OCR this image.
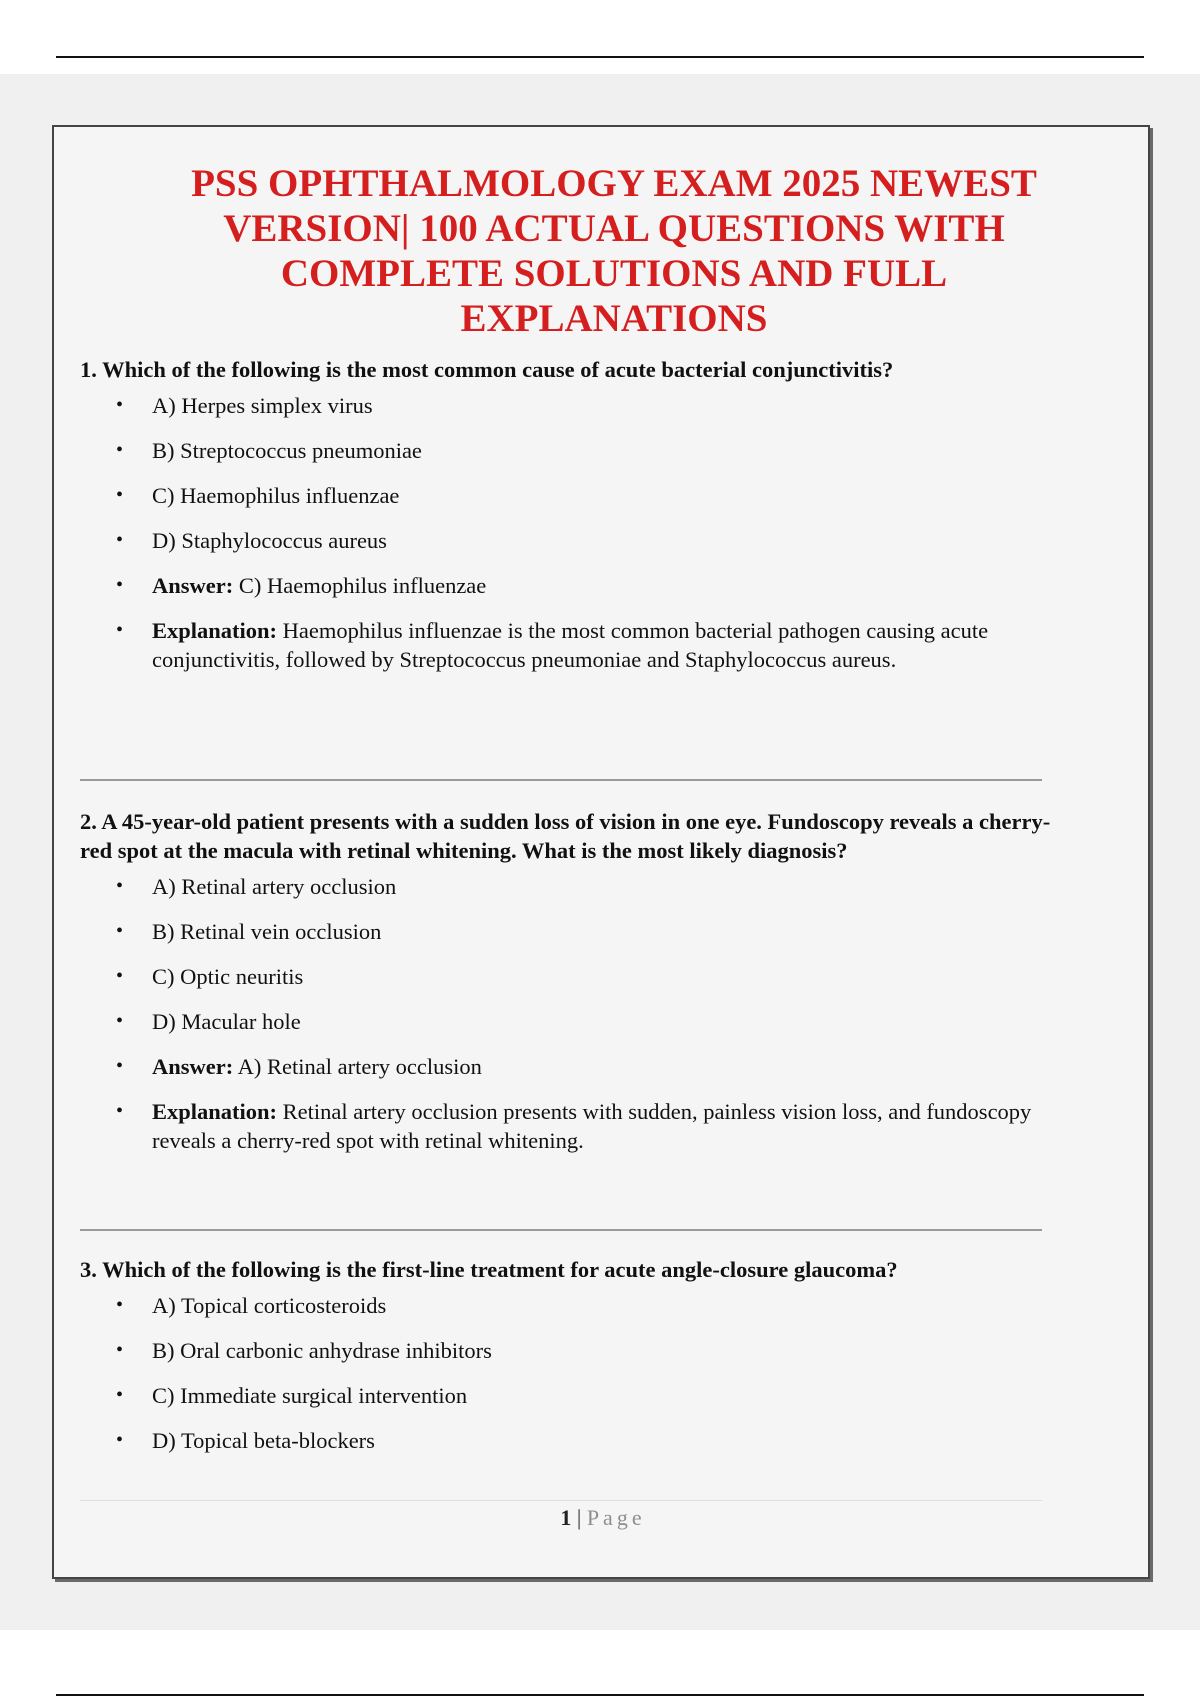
PSS OPHTHALMOLOGY EXAM 2025 NEWEST
VERSION| 100 ACTUAL QUESTIONS WITH
COMPLETE SOLUTIONS AND FULL
EXPLANATIONS

1. Which of the following is the most common cause of acute bacterial conjunctivitis?

• A) Herpes simplex virus
• B) Streptococcus pneumoniae
• C) Haemophilus influenzae
• D) Staphylococcus aureus
• Answer: C) Haemophilus influenzae
• Explanation: Haemophilus influenzae is the most common bacterial pathogen causing acute conjunctivitis, followed by Streptococcus pneumoniae and Staphylococcus aureus.

2. A 45-year-old patient presents with a sudden loss of vision in one eye. Fundoscopy reveals a cherry-red spot at the macula with retinal whitening. What is the most likely diagnosis?

• A) Retinal artery occlusion
• B) Retinal vein occlusion
• C) Optic neuritis
• D) Macular hole
• Answer: A) Retinal artery occlusion
• Explanation: Retinal artery occlusion presents with sudden, painless vision loss, and fundoscopy reveals a cherry-red spot with retinal whitening.

3. Which of the following is the first-line treatment for acute angle-closure glaucoma?

• A) Topical corticosteroids
• B) Oral carbonic anhydrase inhibitors
• C) Immediate surgical intervention
• D) Topical beta-blockers
1 | Page
